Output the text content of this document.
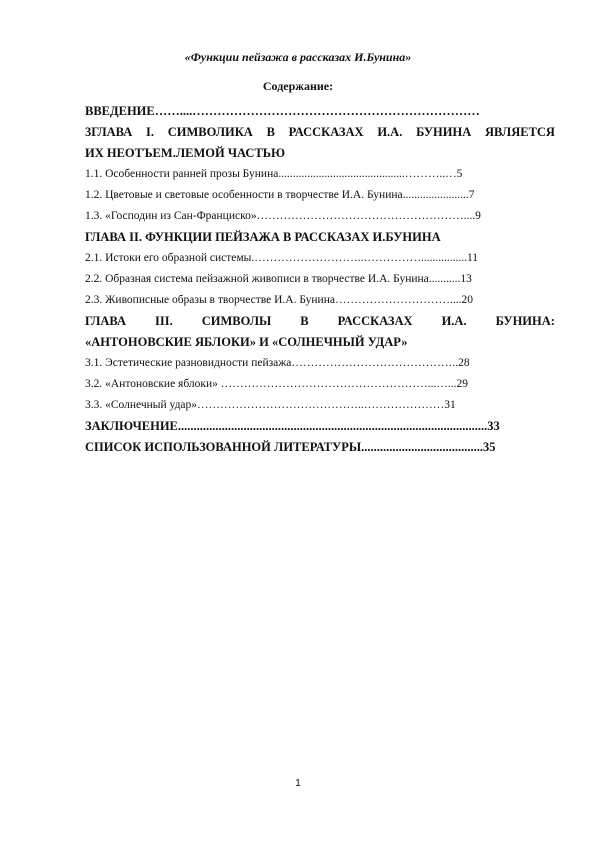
«Функции пейзажа в рассказах И.Бунина»
Содержание:
ВВЕДЕНИЕ……....……………………………………………………………
3ГЛАВА I. СИМВОЛИКА В РАССКАЗАХ И.А. БУНИНА ЯВЛЯЕТСЯ
ИХ НЕОТЪЕМ.ЛЕМОЙ ЧАСТЬЮ
1.1. Особенности ранней прозы Бунина............................................………..…5
1.2. Цветовые и световые особенности в творчестве И.А. Бунина.......................7
1.3. «Господин из Сан-Франциско»………………………………………………....9
ГЛАВА II. ФУНКЦИИ ПЕЙЗАЖА В РАССКАЗАХ И.БУНИНА
2.1. Истоки его образной системы.………………………..……………................11
2.2. Образная система пейзажной живописи в творчестве И.А. Бунина...........13
2.3. Живописные образы в творчестве И.А. Бунина…………………………....20
ГЛАВА III. СИМВОЛЫ В РАССКАЗАХ И.А. БУНИНА:
«АНТОНОВСКИЕ ЯБЛОКИ» И «СОЛНЕЧНЫЙ УДАР»
3.1. Эстетические разновидности пейзажа……………………………………..28
3.2. «Антоновские яблоки» ………………………………………………...…...29
3.3. «Солнечный удар»……………………………………..…………………31
ЗАКЛЮЧЕНИЕ...................................................................................................33
СПИСОК ИСПОЛЬЗОВАННОЙ ЛИТЕРАТУРЫ.......................................35
1
